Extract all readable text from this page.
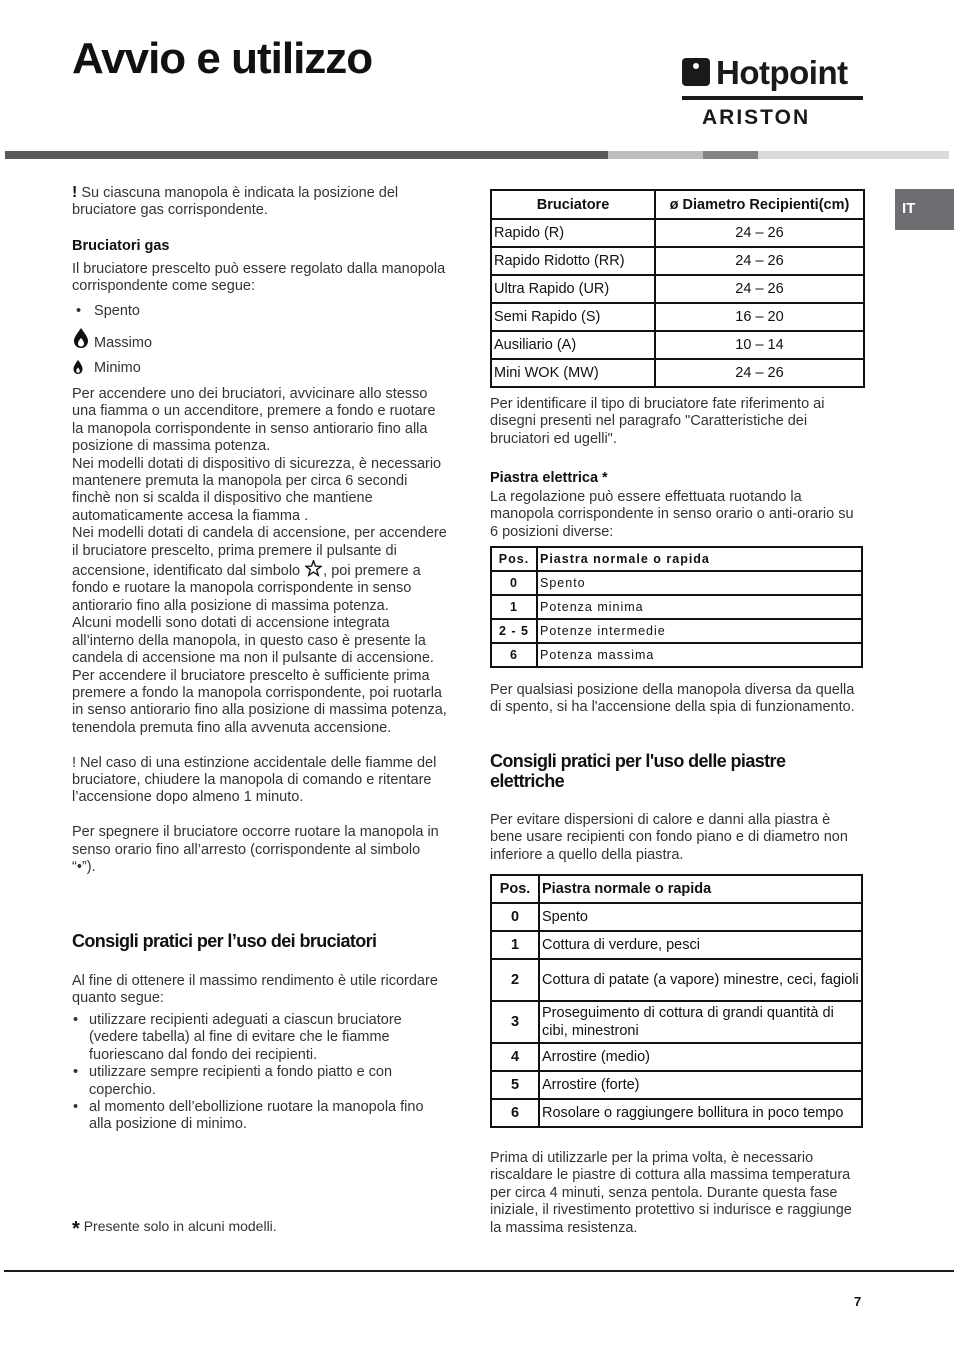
Avvio e utilizzo	Hotpoint
ARISTON
IT

! Su ciascuna manopola è indicata la posizione del bruciatore gas corrispondente.

Bruciatori gas
Il bruciatore prescelto può essere regolato dalla manopola corrispondente come segue:
• Spento
Massimo
Minimo

Per accendere uno dei bruciatori, avvicinare allo stesso una fiamma o un accenditore, premere a fondo e ruotare la manopola corrispondente in senso antiorario fino alla posizione di massima potenza.

Nei modelli dotati di dispositivo di sicurezza, è necessario mantenere premuta la manopola per circa 6 secondi finchè non si scalda il dispositivo che mantiene automaticamente accesa la fiamma .

Nei modelli dotati di candela di accensione, per accendere il bruciatore prescelto, prima premere il pulsante di accensione, identificato dal simbolo , poi premere a fondo e ruotare la manopola corrispondente in senso antiorario fino alla posizione di massima potenza.

Alcuni modelli sono dotati di accensione integrata all’interno della manopola, in questo caso è presente la candela di accensione ma non il pulsante di accensione. Per accendere il bruciatore prescelto è sufficiente prima premere a fondo la manopola corrispondente, poi ruotarla in senso antiorario fino alla posizione di massima potenza, tenendola premuta fino alla avvenuta accensione.

! Nel caso di una estinzione accidentale delle fiamme del bruciatore, chiudere la manopola di comando e ritentare l’accensione dopo almeno 1 minuto.

Per spegnere il bruciatore occorre ruotare la manopola in senso orario fino all’arresto (corrispondente al simbolo “•”).

Consigli pratici per l’uso dei bruciatori
Al fine di ottenere il massimo rendimento è utile ricordare quanto segue:

• utilizzare recipienti adeguati a ciascun bruciatore (vedere tabella) al fine di evitare che le fiamme fuoriescano dal fondo dei recipienti.

• utilizzare sempre recipienti a fondo piatto e con coperchio.

• al momento dell’ebollizione ruotare la manopola fino alla posizione di minimo.

* Presente solo in alcuni modelli.
Bruciatore	ø Diametro Recipienti(cm)
Rapido (R)	24 – 26
Rapido Ridotto (RR)	24 – 26
Ultra Rapido (UR)	24 – 26
Semi Rapido (S)	16 – 20
Ausiliario (A)	10 – 14
Mini WOK (MW)	24 – 26
Per identificare il tipo di bruciatore fate riferimento ai disegni presenti nel paragrafo "Caratteristiche dei bruciatori ed ugelli".
Piastra elettrica *
La regolazione può essere effettuata ruotando la manopola corrispondente in senso orario o anti-orario su 6 posizioni diverse:
Pos.	Piastra normale o rapida
0	Spento
1	Potenza minima
2 - 5	Potenze intermedie
6	Potenza massima
Per qualsiasi posizione della manopola diversa da quella di spento, si ha l'accensione della spia di funzionamento.
Consigli pratici per l'uso delle piastre elettriche
Per evitare dispersioni di calore e danni alla piastra è bene usare recipienti con fondo piano e di diametro non inferiore a quello della piastra.
Pos.	Piastra normale o rapida
0	Spento
1	Cottura di verdure, pesci
2	Cottura di patate (a vapore) minestre, ceci, fagioli
3	Proseguimento di cottura di grandi quantità di cibi, minestroni
4	Arrostire (medio)
5	Arrostire (forte)
6	Rosolare o raggiungere bollitura in poco tempo
Prima di utilizzarle per la prima volta, è necessario riscaldare le piastre di cottura alla massima temperatura per circa 4 minuti, senza pentola. Durante questa fase iniziale, il rivestimento protettivo si indurisce e raggiunge la massima resistenza.
7
